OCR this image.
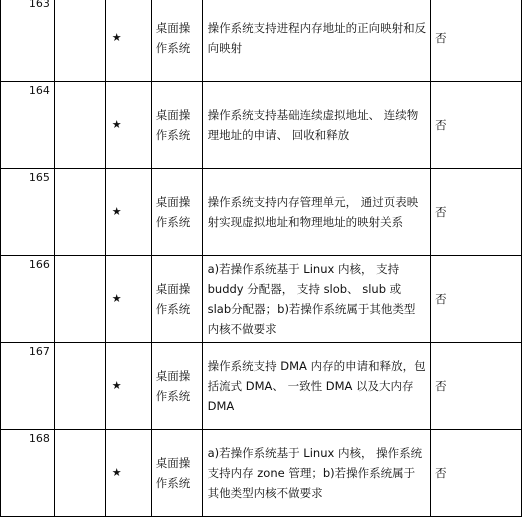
163		★	桌面操作系统	操作系统支持进程内存地址的正向映射和反向映射	否
164		★	桌面操作系统	操作系统支持基础连续虚拟地址、 连续物理地址的申请、 回收和释放	否
165		★	桌面操作系统	操作系统支持内存管理单元， 通过页表映射实现虚拟地址和物理地址的映射关系	否
166		★	桌面操作系统	a)若操作系统基于 Linux 内核， 支持 buddy 分配器， 支持 slob、 slub 或 slab分配器；b)若操作系统属于其他类型内核不做要求	否
167		★	桌面操作系统	操作系统支持 DMA 内存的申请和释放，包括流式 DMA、 一致性 DMA 以及大内存DMA	否
168		★	桌面操作系统	a)若操作系统基于 Linux 内核， 操作系统支持内存 zone 管理；b)若操作系统属于其他类型内核不做要求	否
